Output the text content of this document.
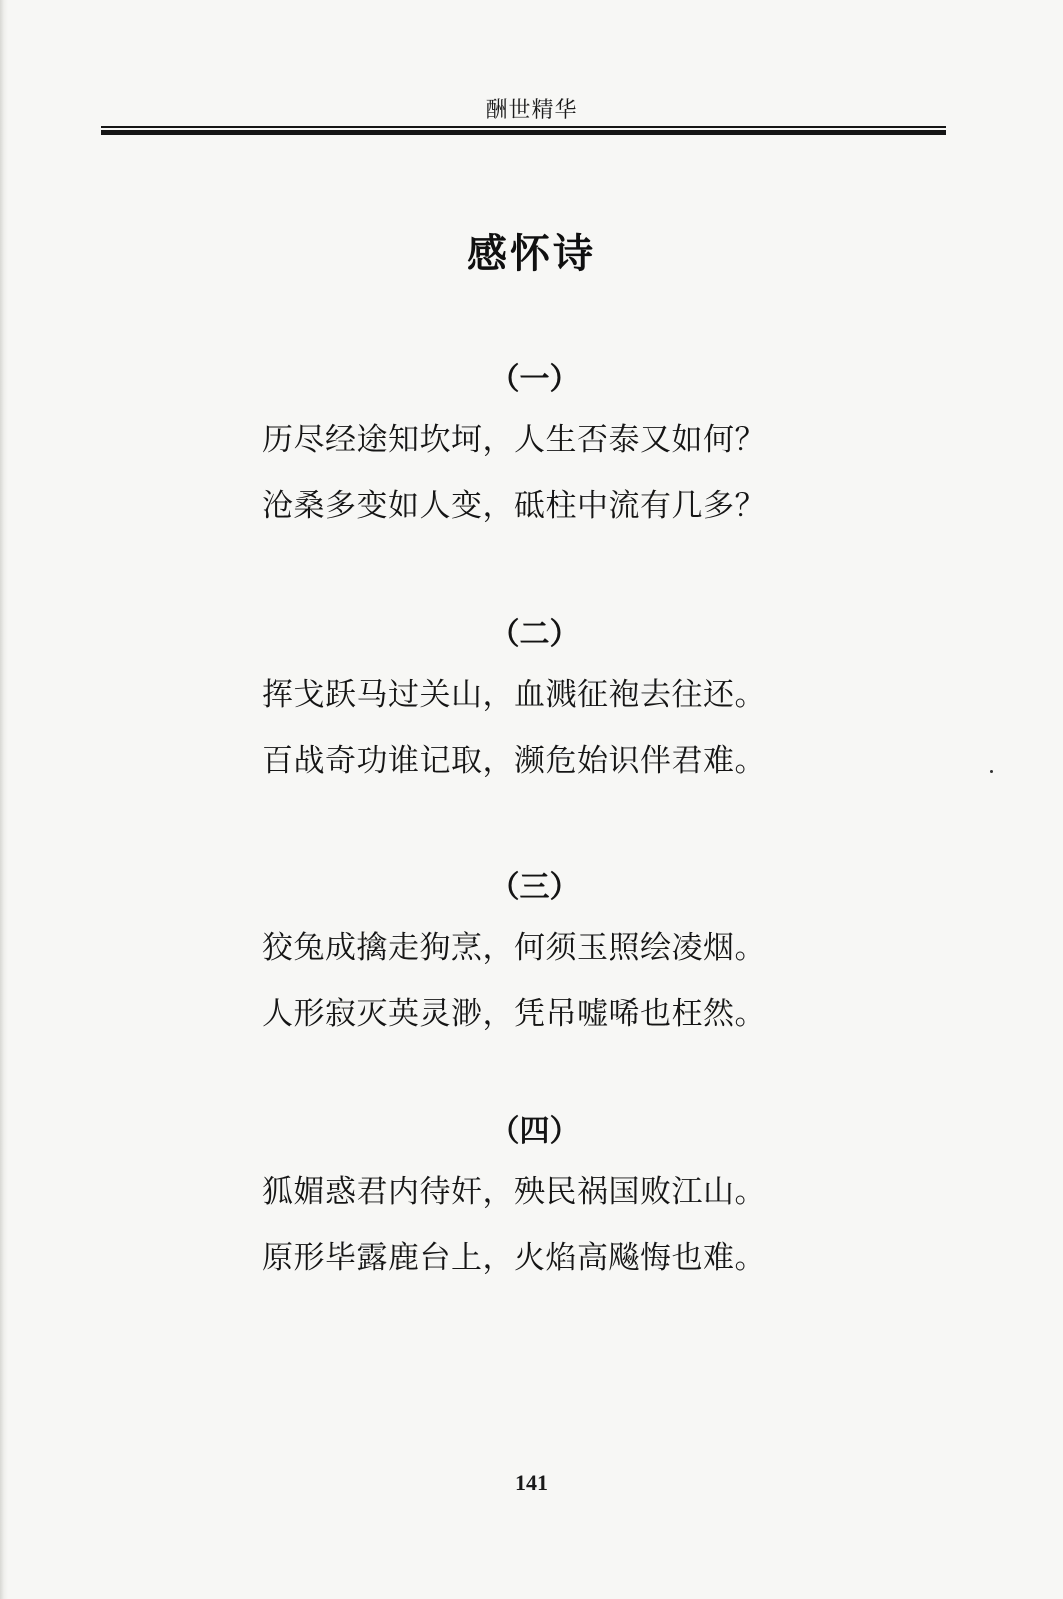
酬世精华
感怀诗
（一）
历尽经途知坎坷，人生否泰又如何？
沧桑多变如人变，砥柱中流有几多？
（二）
挥戈跃马过关山，血溅征袍去往还。
百战奇功谁记取，濒危始识伴君难。
（三）
狡兔成擒走狗烹，何须玉照绘凌烟。
人形寂灭英灵渺，凭吊嘘唏也枉然。
（四）
狐媚惑君内待奸，殃民祸国败江山。
原形毕露鹿台上，火焰高飚悔也难。
141
